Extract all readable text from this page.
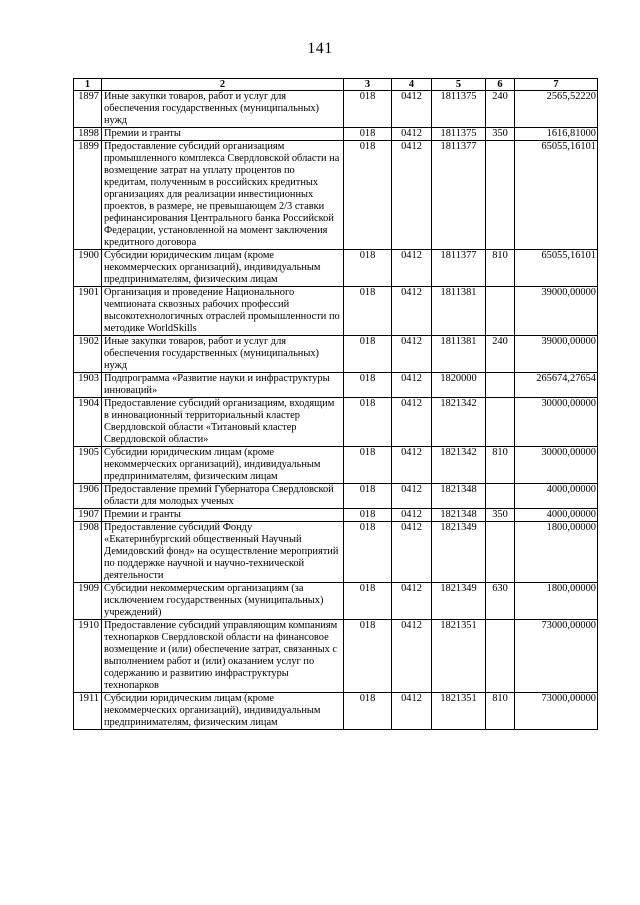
141
1	2	3	4	5	6	7
1897	Иные закупки товаров, работ и услуг для обеспечения государственных (муниципальных) нужд	018	0412	1811375	240	2565,52220
1898	Премии и гранты	018	0412	1811375	350	1616,81000
1899	Предоставление субсидий организациям промышленного комплекса Свердловской области на возмещение затрат на уплату процентов по кредитам, полученным в российских кредитных организациях для реализации инвестиционных проектов, в размере, не превышающем 2/3 ставки рефинансирования Центрального банка Российской Федерации, установленной на момент заключения кредитного договора	018	0412	1811377		65055,16101
1900	Субсидии юридическим лицам (кроме некоммерческих организаций), индивидуальным предпринимателям, физическим лицам	018	0412	1811377	810	65055,16101
1901	Организация и проведение Национального чемпионата сквозных рабочих профессий высокотехнологичных отраслей промышленности по методике WorldSkills	018	0412	1811381		39000,00000
1902	Иные закупки товаров, работ и услуг для обеспечения государственных (муниципальных) нужд	018	0412	1811381	240	39000,00000
1903	Подпрограмма «Развитие науки и инфраструктуры инноваций»	018	0412	1820000		265674,27654
1904	Предоставление субсидий организациям, входящим в инновационный территориальный кластер Свердловской области «Титановый кластер Свердловской области»	018	0412	1821342		30000,00000
1905	Субсидии юридическим лицам (кроме некоммерческих организаций), индивидуальным предпринимателям, физическим лицам	018	0412	1821342	810	30000,00000
1906	Предоставление премий Губернатора Свердловской области для молодых ученых	018	0412	1821348		4000,00000
1907	Премии и гранты	018	0412	1821348	350	4000,00000
1908	Предоставление субсидий Фонду «Екатеринбургский общественный Научный Демидовский фонд» на осуществление мероприятий по поддержке научной и научно-технической деятельности	018	0412	1821349		1800,00000
1909	Субсидии некоммерческим организациям (за исключением государственных (муниципальных) учреждений)	018	0412	1821349	630	1800,00000
1910	Предоставление субсидий управляющим компаниям технопарков Свердловской области на финансовое возмещение и (или) обеспечение затрат, связанных с выполнением работ и (или) оказанием услуг по содержанию и развитию инфраструктуры технопарков	018	0412	1821351		73000,00000
1911	Субсидии юридическим лицам (кроме некоммерческих организаций), индивидуальным предпринимателям, физическим лицам	018	0412	1821351	810	73000,00000
